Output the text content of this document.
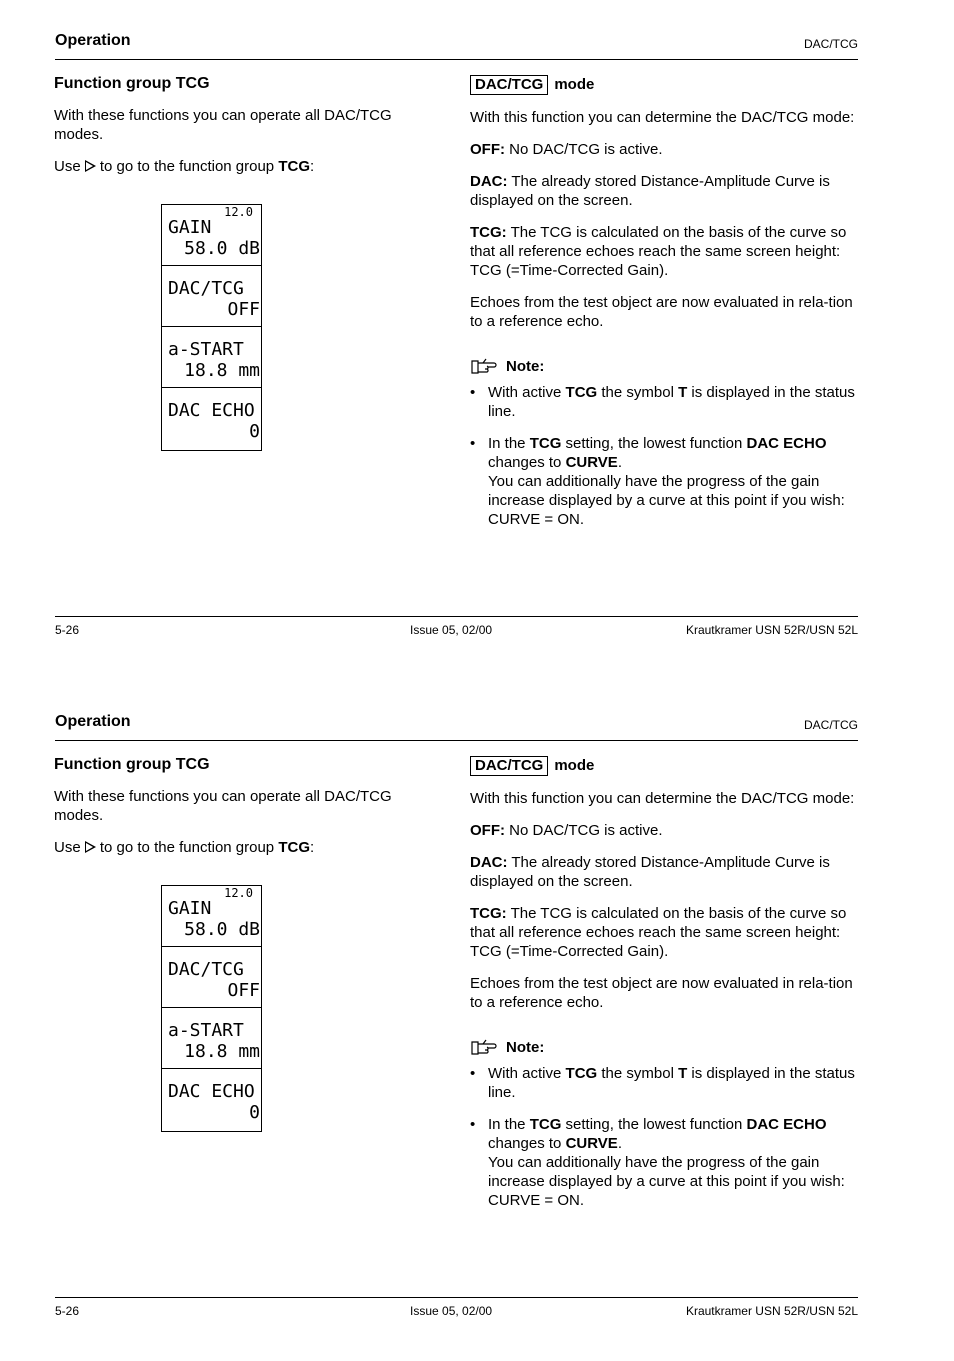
Operation	DAC/TCG
Function group TCG

With these functions you can operate all DAC/TCG modes.

Use to go to the function group TCG:

GAIN
12.0
58.0 dB
DAC/TCG
OFF
a-START
18.8 mm
DAC ECHO
0
DAC/TCG mode

With this function you can determine the DAC/TCG mode:

OFF: No DAC/TCG is active.

DAC: The already stored Distance-Amplitude Curve is displayed on the screen.

TCG: The TCG is calculated on the basis of the curve so that all reference echoes reach the same screen height: TCG (=Time-Corrected Gain).

Echoes from the test object are now evaluated in rela-tion to a reference echo.

Note:
• With active TCG the symbol T is displayed in the status line.
• In the TCG setting, the lowest function DAC ECHO changes to CURVE.
You can additionally have the progress of the gain increase displayed by a curve at this point if you wish: CURVE = ON.
5-26	Issue 05, 02/00	Krautkramer USN 52R/USN 52L
Operation	DAC/TCG
Function group TCG

With these functions you can operate all DAC/TCG modes.

Use to go to the function group TCG:

GAIN
12.0
58.0 dB
DAC/TCG
OFF
a-START
18.8 mm
DAC ECHO
0
DAC/TCG mode

With this function you can determine the DAC/TCG mode:

OFF: No DAC/TCG is active.

DAC: The already stored Distance-Amplitude Curve is displayed on the screen.

TCG: The TCG is calculated on the basis of the curve so that all reference echoes reach the same screen height: TCG (=Time-Corrected Gain).

Echoes from the test object are now evaluated in rela-tion to a reference echo.

Note:
• With active TCG the symbol T is displayed in the status line.
• In the TCG setting, the lowest function DAC ECHO changes to CURVE.
You can additionally have the progress of the gain increase displayed by a curve at this point if you wish: CURVE = ON.
5-26	Issue 05, 02/00	Krautkramer USN 52R/USN 52L
